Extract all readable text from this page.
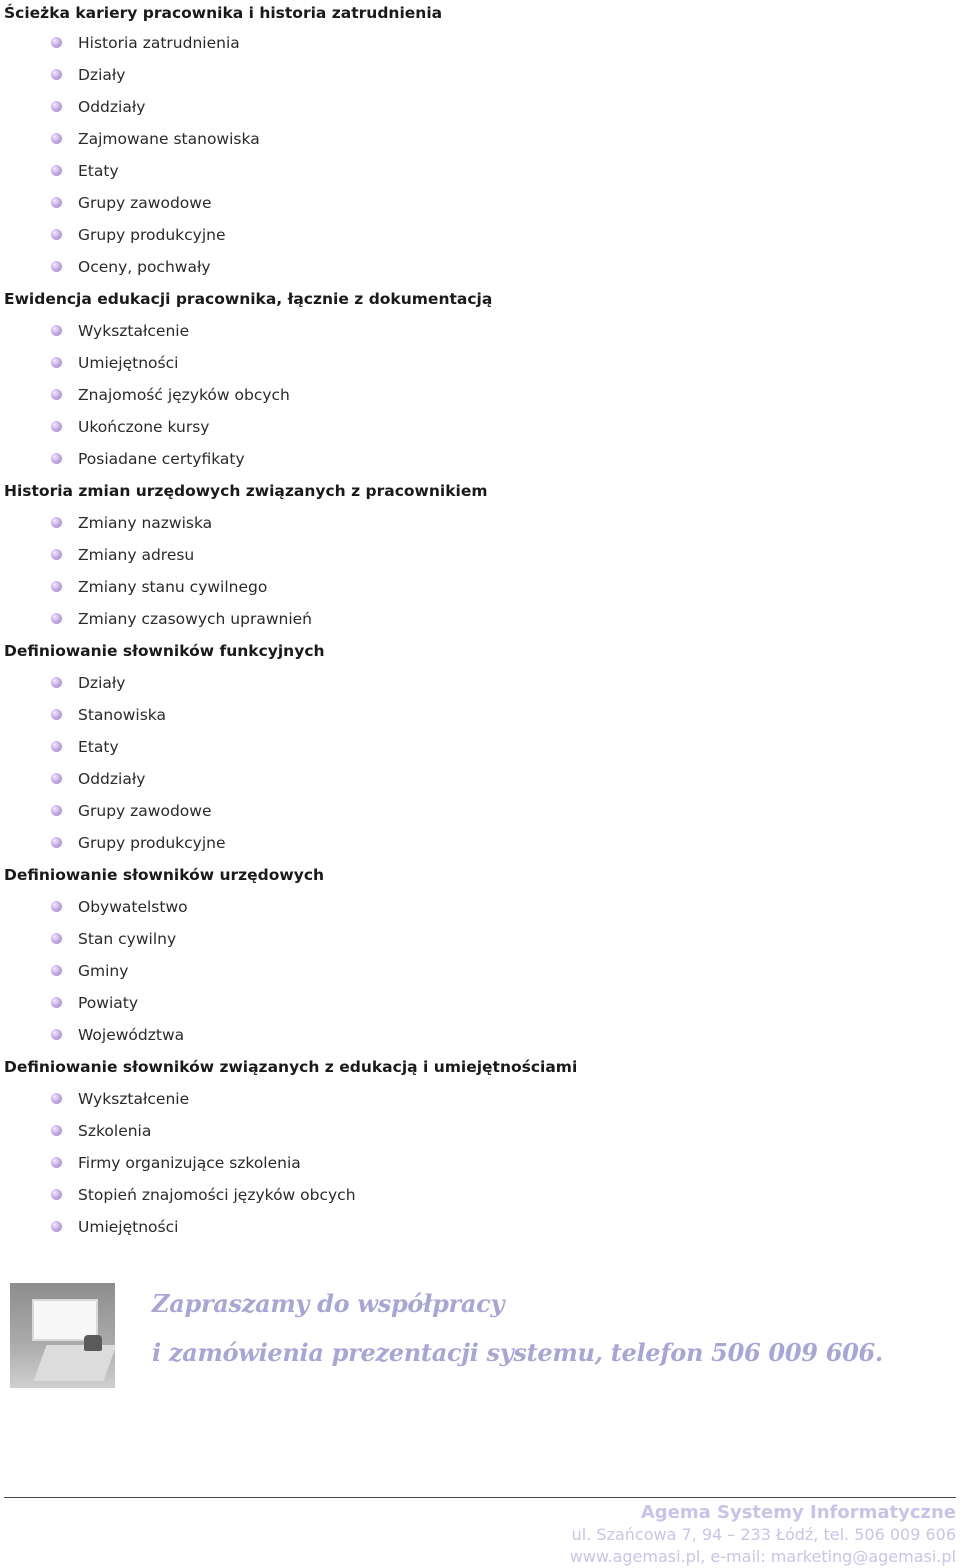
Ścieżka kariery pracownika i historia zatrudnienia
Historia zatrudnienia
Działy
Oddziały
Zajmowane stanowiska
Etaty
Grupy zawodowe
Grupy produkcyjne
Oceny, pochwały
Ewidencja edukacji pracownika, łącznie z dokumentacją
Wykształcenie
Umiejętności
Znajomość języków obcych
Ukończone kursy
Posiadane certyfikaty
Historia zmian urzędowych związanych z pracownikiem
Zmiany nazwiska
Zmiany adresu
Zmiany stanu cywilnego
Zmiany czasowych uprawnień
Definiowanie słowników funkcyjnych
Działy
Stanowiska
Etaty
Oddziały
Grupy zawodowe
Grupy produkcyjne
Definiowanie słowników urzędowych
Obywatelstwo
Stan cywilny
Gminy
Powiaty
Województwa
Definiowanie słowników związanych z edukacją i umiejętnościami
Wykształcenie
Szkolenia
Firmy organizujące szkolenia
Stopień znajomości języków obcych
Umiejętności
Zapraszamy do współpracy
i zamówienia prezentacji systemu, telefon 506 009 606.
Agema Systemy Informatyczne
ul. Szańcowa 7, 94 – 233 Łódź, tel. 506 009 606
www.agemasi.pl, e-mail: marketing@agemasi.pl
